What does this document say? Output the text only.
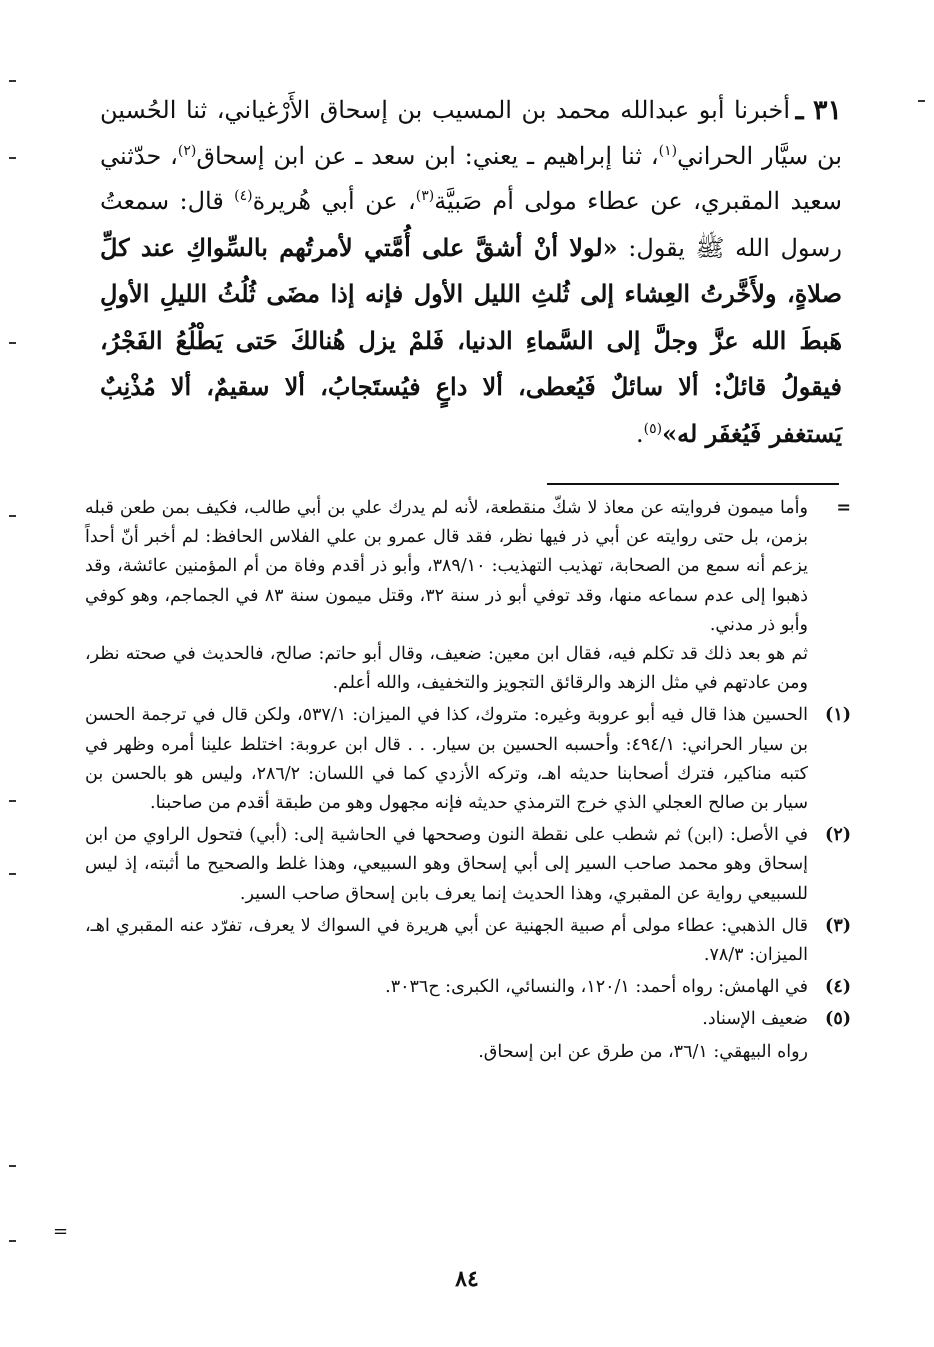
٣١ ـ

أخبرنا أبو عبدالله محمد بن المسيب بن إسحاق الأَرْغياني، ثنا الحُسين بن سيَّار الحراني$^{(١)}$، ثنا إبراهيم ـ يعني: ابن سعد ـ عن ابن إسحاق$^{(٢)}$، حدّثني سعيد المقبري، عن عطاء مولى أم صَبيَّة$^{(٣)}$، عن أبي هُريرة$^{(٤)}$ قال: سمعتُ رسول الله ﷺ يقول: «لولا أنْ أشقَّ على أُمَّتي لأمرتُهم بالسِّواكِ عند كلِّ صلاةٍ، ولأَخَّرتُ العِشاء إلى ثُلثِ الليل الأول فإنه إذا مضَى ثُلُثُ الليلِ الأولِ هَبطَ الله عزَّ وجلَّ إلى السَّماءِ الدنيا، فَلمْ يزل هُنالكَ حَتى يَطْلُعُ الفَجْرُ، فيقولُ قائلٌ: ألا سائلٌ فَيُعطى، ألا داعٍ فيُستَجابُ، ألا سقيمٌ، ألا مُذْنِبٌ يَستغفر فَيُغفَر له»$^{(٥)}$.

=

وأما ميمون فروايته عن معاذ لا شكّ منقطعة، لأنه لم يدرك علي بن أبي طالب، فكيف بمن طعن قبله بزمن، بل حتى روايته عن أبي ذر فيها نظر، فقد قال عمرو بن علي الفلاس الحافظ: لم أخبر أنّ أحداً يزعم أنه سمع من الصحابة، تهذيب التهذيب: ٣٨٩/١٠، وأبو ذر أقدم وفاة من أم المؤمنين عائشة، وقد ذهبوا إلى عدم سماعه منها، وقد توفي أبو ذر سنة ٣٢، وقتل ميمون سنة ٨٣ في الجماجم، وهو كوفي وأبو ذر مدني.

ثم هو بعد ذلك قد تكلم فيه، فقال ابن معين: ضعيف، وقال أبو حاتم: صالح، فالحديث في صحته نظر، ومن عادتهم في مثل الزهد والرقائق التجويز والتخفيف، والله أعلم.

(١)

الحسين هذا قال فيه أبو عروبة وغيره: متروك، كذا في الميزان: ٥٣٧/١، ولكن قال في ترجمة الحسن بن سيار الحراني: ٤٩٤/١: وأحسبه الحسين بن سيار. . . قال ابن عروبة: اختلط علينا أمره وظهر في كتبه مناكير، فترك أصحابنا حديثه اهـ، وتركه الأزدي كما في اللسان: ٢٨٦/٢، وليس هو بالحسن بن سيار بن صالح العجلي الذي خرج الترمذي حديثه فإنه مجهول وهو من طبقة أقدم من صاحبنا.

(٢)

في الأصل: (ابن) ثم شطب على نقطة النون وصححها في الحاشية إلى: (أبي) فتحول الراوي من ابن إسحاق وهو محمد صاحب السير إلى أبي إسحاق وهو السبيعي، وهذا غلط والصحيح ما أثبته، إذ ليس للسبيعي رواية عن المقبري، وهذا الحديث إنما يعرف بابن إسحاق صاحب السير.

(٣)

قال الذهبي: عطاء مولى أم صبية الجهنية عن أبي هريرة في السواك لا يعرف، تفرّد عنه المقبري اهـ، الميزان: ٧٨/٣.

(٤)

في الهامش: رواه أحمد: ١٢٠/١، والنسائي، الكبرى: ح٣٠٣٦.

(٥)

ضعيف الإسناد.

رواه البيهقي: ٣٦/١، من طرق عن ابن إسحاق.

=
٨٤
